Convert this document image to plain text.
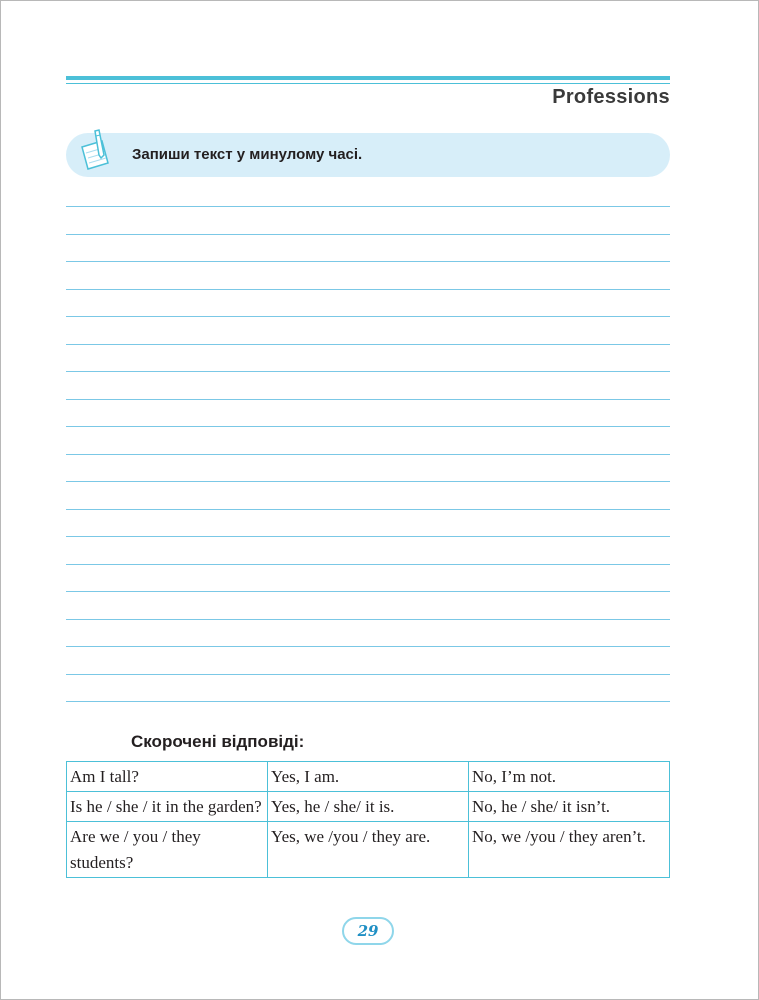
Professions
Запиши текст у минулому часі.
Скорочені відповіді:
Am I tall?	Yes, I am.	No, I’m not.
Is he / she / it in the garden?	Yes, he / she/ it is.	No, he / she/ it isn’t.
Are we / you / they students?	Yes, we /you / they are.	No, we /you / they aren’t.
29
